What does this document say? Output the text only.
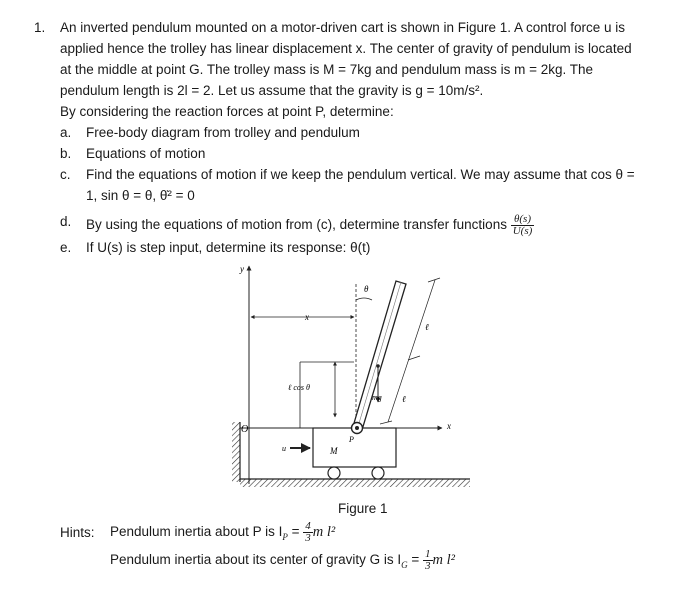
1. An inverted pendulum mounted on a motor-driven cart is shown in Figure 1. A control force u is
applied hence the trolley has linear displacement x. The center of gravity of pendulum is located
at the middle at point G. The trolley mass is M = 7kg and pendulum mass is m = 2kg. The
pendulum length is 2l = 2. Let us assume that the gravity is g = 10m/s².
By considering the reaction forces at point P, determine:
a. Free-body diagram from trolley and pendulum
b. Equations of motion
c. Find the equations of motion if we keep the pendulum vertical. We may assume that cos θ =
1, sin θ = θ, θ̇² = 0
d. By using the equations of motion from (c), determine transfer functions $\frac{\theta(s)}{U(s)}$
e. If U(s) is step input, determine its response: θ(t)
y
x
O
x
θ
ℓ cos θ
ℓ
ℓ
mg
M
P
u
Figure 1
Hints: Pendulum inertia about P is $I_P = \frac{4}{3}$ m l²
Pendulum inertia about its center of gravity G is $I_G = \frac{1}{3}$ m l²
